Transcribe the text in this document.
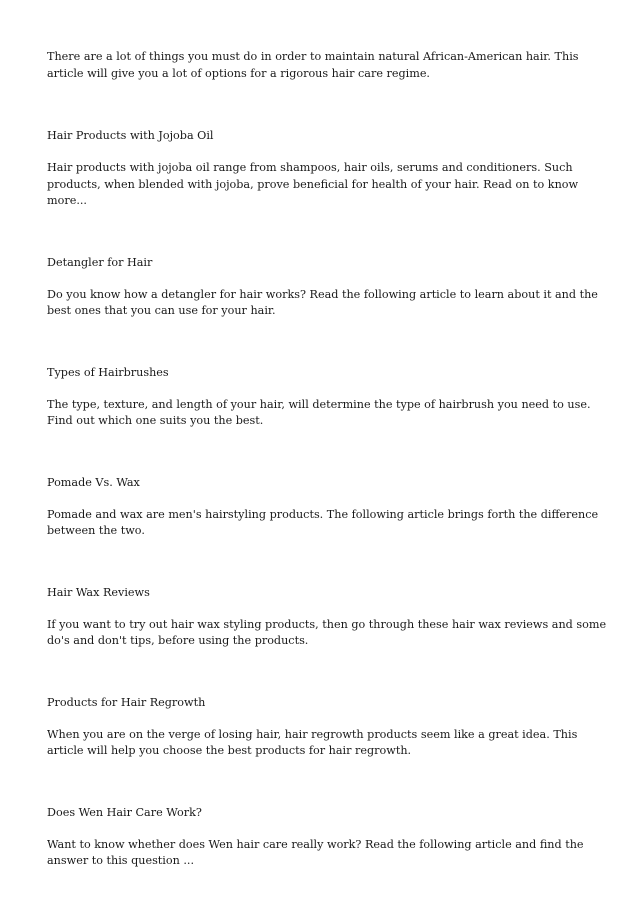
There are a lot of things you must do in order to maintain natural African-American hair. This article will give you a lot of options for a rigorous hair care regime.

Hair Products with Jojoba Oil

Hair products with jojoba oil range from shampoos, hair oils, serums and conditioners. Such products, when blended with jojoba, prove beneficial for health of your hair. Read on to know more...

Detangler for Hair

Do you know how a detangler for hair works? Read the following article to learn about it and the best ones that you can use for your hair.

Types of Hairbrushes

The type, texture, and length of your hair, will determine the type of hairbrush you need to use. Find out which one suits you the best.

Pomade Vs. Wax

Pomade and wax are men's hairstyling products. The following article brings forth the difference between the two.

Hair Wax Reviews

If you want to try out hair wax styling products, then go through these hair wax reviews and some do's and don't tips, before using the products.

Products for Hair Regrowth

When you are on the verge of losing hair, hair regrowth products seem like a great idea. This article will help you choose the best products for hair regrowth.

Does Wen Hair Care Work?

Want to know whether does Wen hair care really work? Read the following article and find the answer to this question ...
